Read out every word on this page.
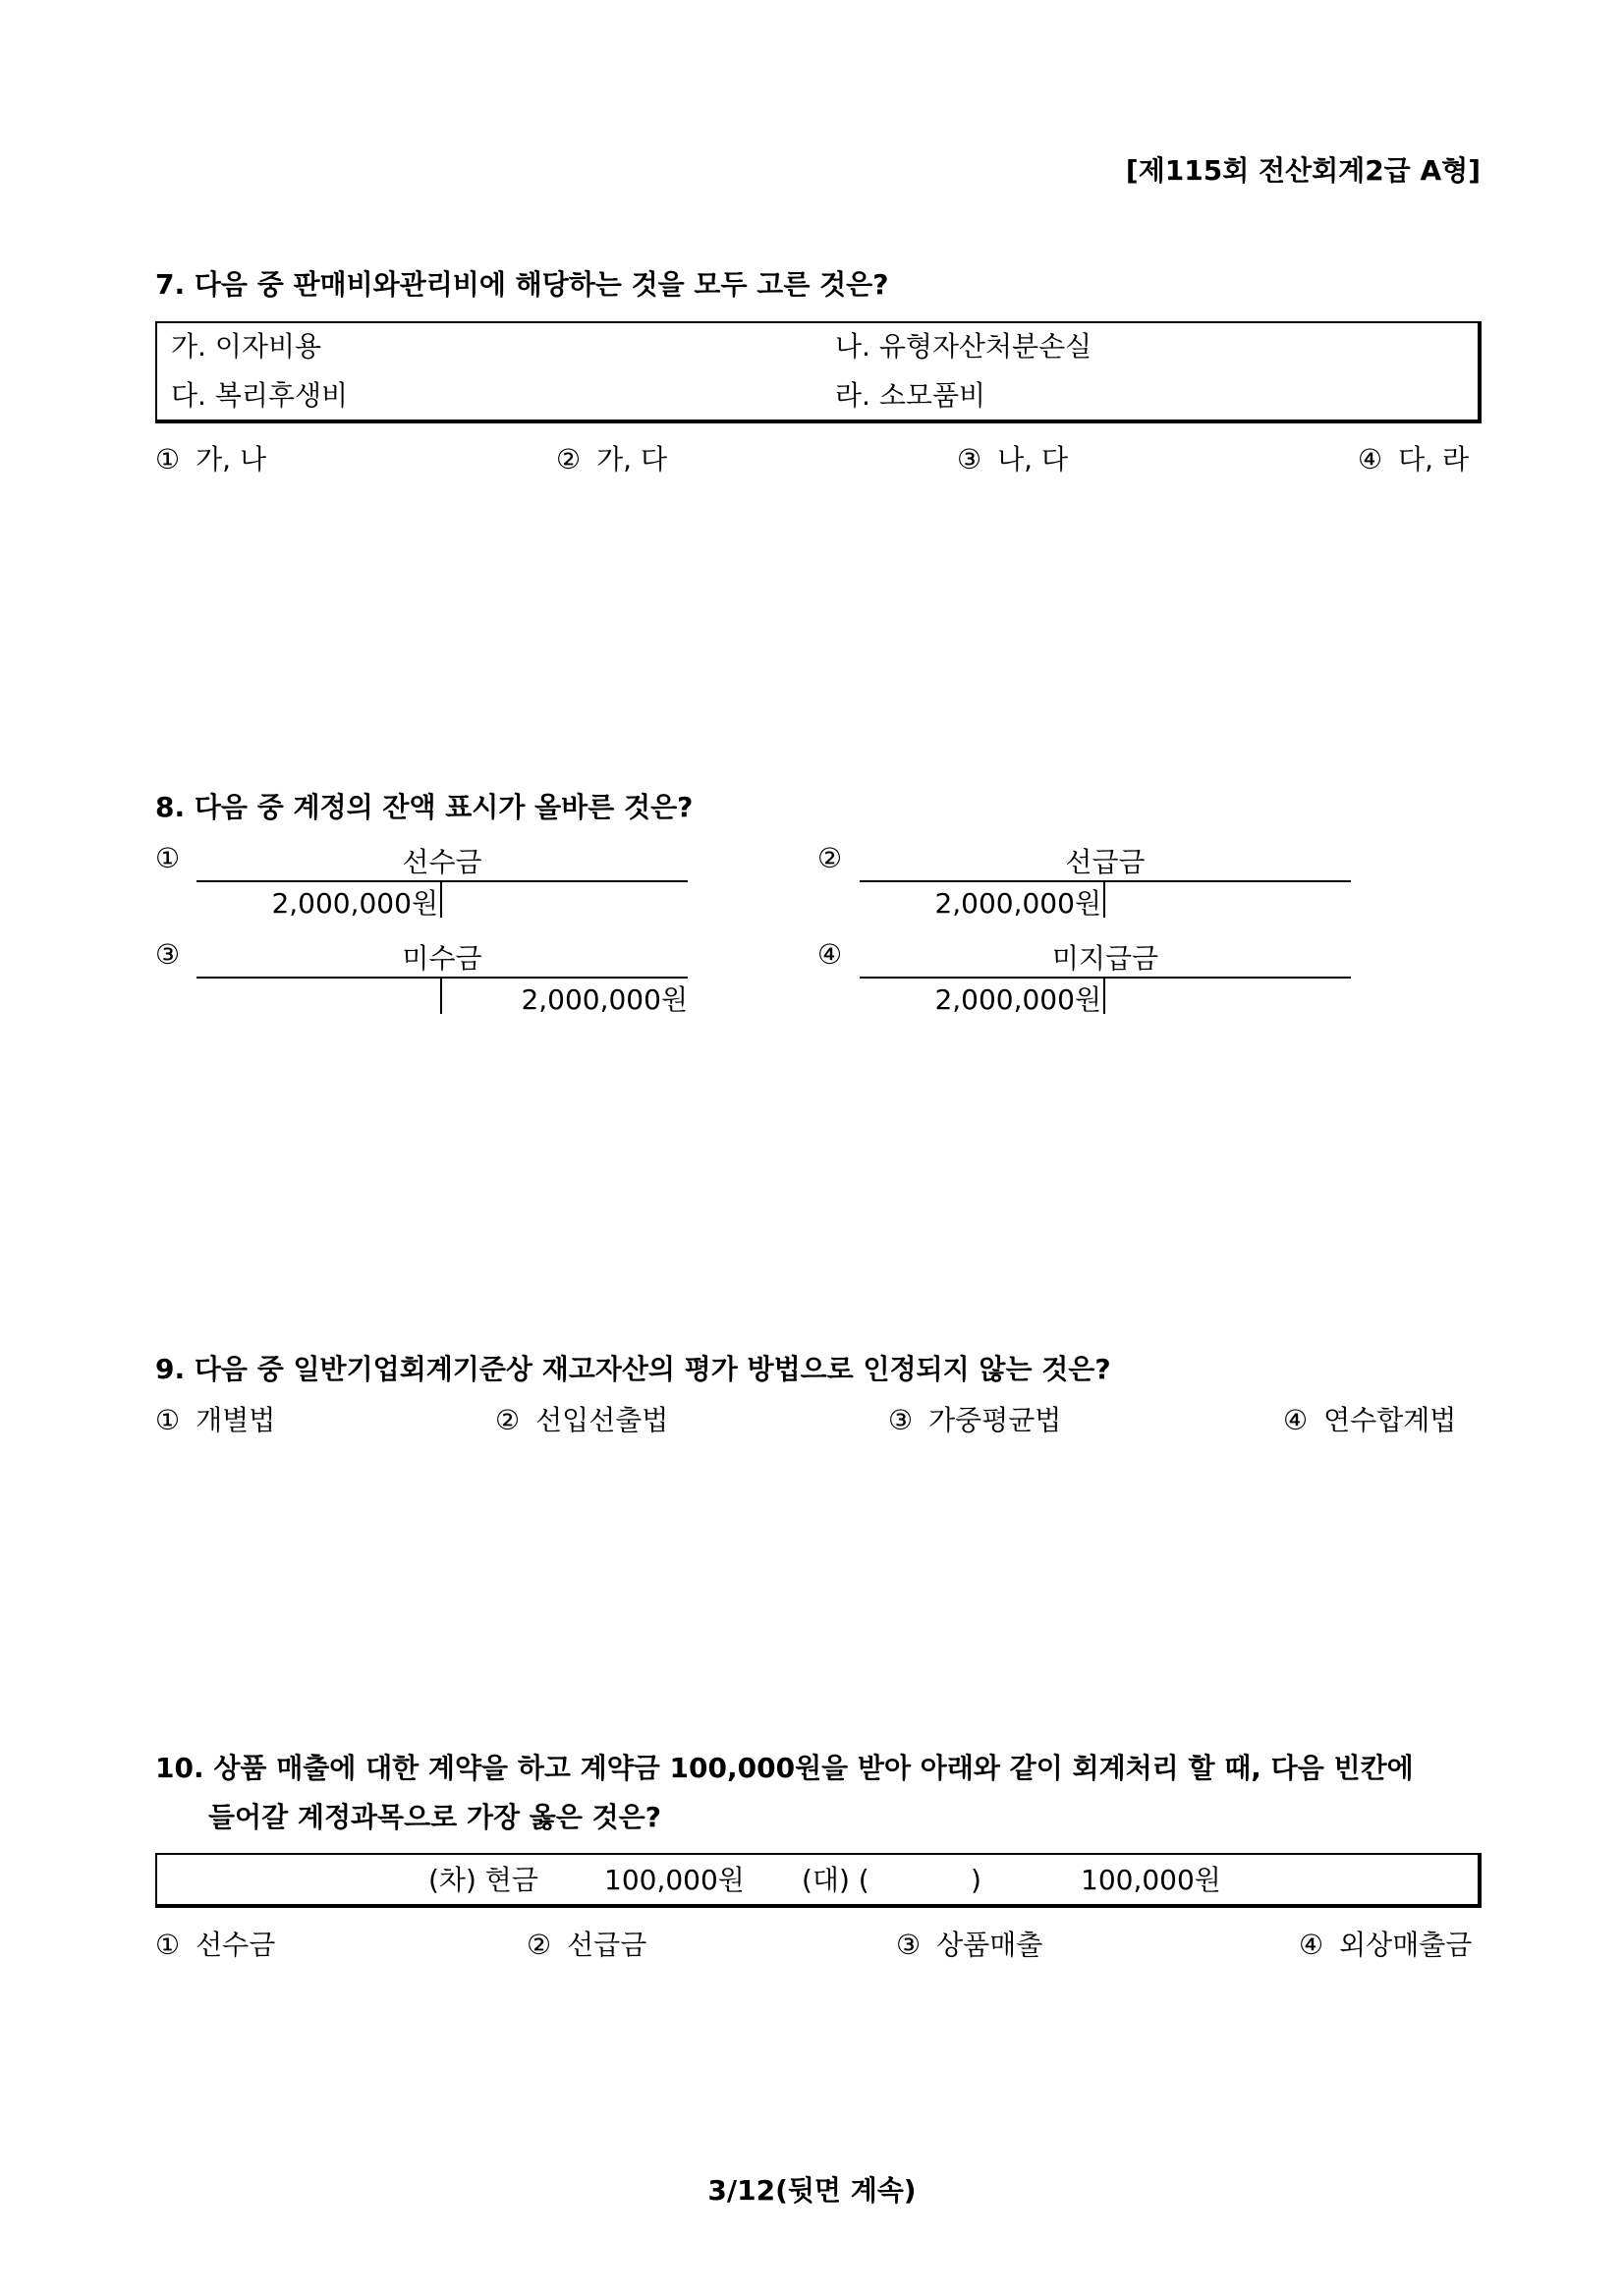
[제115회 전산회계2급 A형]
7. 다음 중 판매비와관리비에 해당하는 것을 모두 고른 것은?
가. 이자비용	나. 유형자산처분손실
다. 복리후생비	라. 소모품비
① 가, 나	② 가, 다	③ 나, 다	④ 다, 라
8. 다음 중 계정의 잔액 표시가 올바른 것은?
①	선수금
2,000,000원
②	선급금
2,000,000원
③	미수금
2,000,000원
④	미지급금
2,000,000원
9. 다음 중 일반기업회계기준상 재고자산의 평가 방법으로 인정되지 않는 것은?
① 개별법	② 선입선출법	③ 가중평균법	④ 연수합계법
10. 상품 매출에 대한 계약을 하고 계약금 100,000원을 받아 아래와 같이 회계처리 할 때, 다음 빈칸에
들어갈 계정과목으로 가장 옳은 것은?
(차) 현금 100,000원 (대) (	)	100,000원
① 선수금	② 선급금	③ 상품매출	④ 외상매출금
3/12(뒷면 계속)
